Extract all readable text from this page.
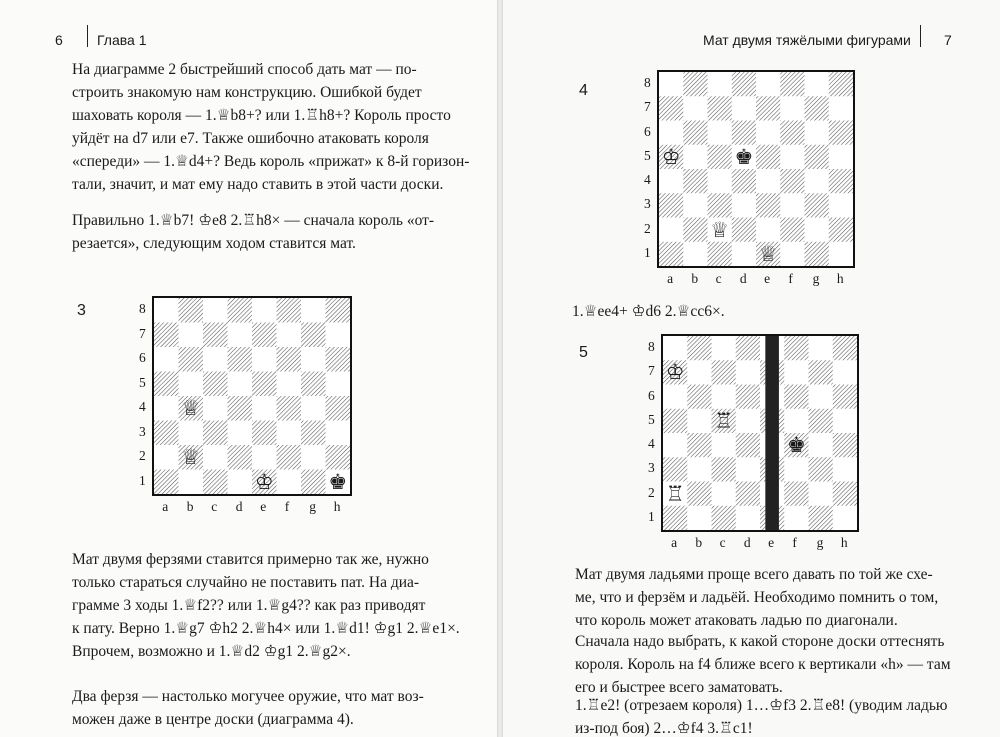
6 Глава 1
На диаграмме 2 быстрейший способ дать мат — по-
строить знакомую нам конструкцию. Ошибкой будет
шаховать короля — 1.♕b8+? или 1.♖h8+? Король просто
уйдёт на d7 или e7. Также ошибочно атаковать короля
«спереди» — 1.♕d4+? Ведь король «прижат» к 8-й горизон-
тали, значит, и мат ему надо ставить в этой части доски.
Правильно 1.♕b7! ♔e8 2.♖h8× — сначала король «от-
резается», следующим ходом ставится мат.
3
♕
♕
♔	♚
Мат двумя ферзями ставится примерно так же, нужно
только стараться случайно не поставить пат. На диа-
грамме 3 ходы 1.♕f2?? или 1.♕g4?? как раз приводят
к пату. Верно 1.♕g7 ♔h2 2.♕h4× или 1.♕d1! ♔g1 2.♕e1×.
Впрочем, возможно и 1.♕d2 ♔g1 2.♕g2×.
Два ферзя — настолько могучее оружие, что мат воз-
можен даже в центре доски (диаграмма 4).
8
7
6
5
4
3
2
1
a b c d e f g h
Мат двумя тяжёлыми фигурами 7
4
♔	♚
♕
♕
1.♕ee4+ ♔d6 2.♕cc6×.
5
♔
♖
♚
♖
Мат двумя ладьями проще всего давать по той же схе-
ме, что и ферзём и ладьёй. Необходимо помнить о том,
что король может атаковать ладью по диагонали.
Сначала надо выбрать, к какой стороне доски оттеснять
короля. Король на f4 ближе всего к вертикали «h» — там
его и быстрее всего заматовать.
1.♖e2! (отрезаем короля) 1…♔f3 2.♖e8! (уводим ладью
из-под боя) 2…♔f4 3.♖c1!
8
7
6
5
4
3
2
1
a b c d e f g h
8
7
6
5
4
3
2
1
a b c d e f g h
